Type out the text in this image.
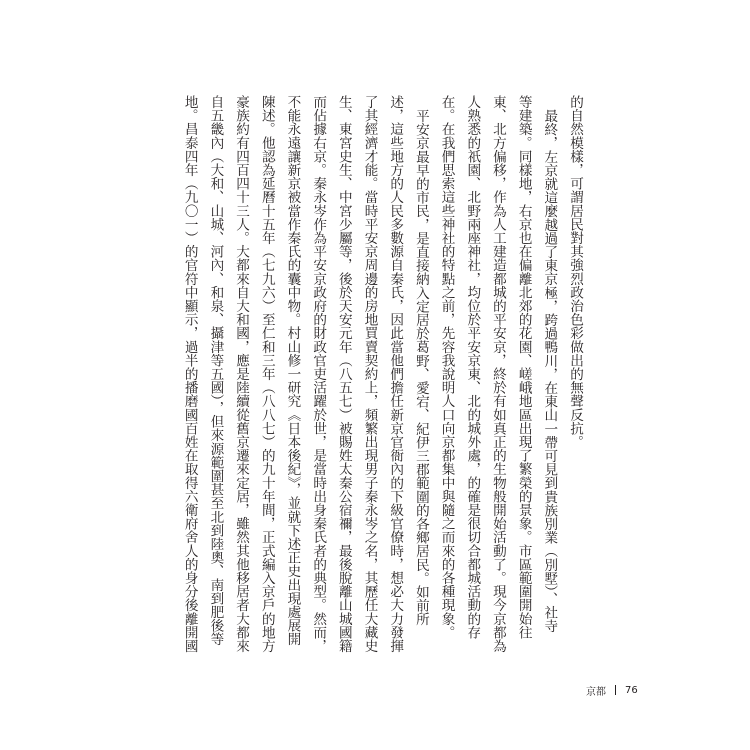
的自然模樣，可謂居民對其強烈政治色彩做出的無聲反抗。
最終，左京就這麼越過了東京極，跨過鴨川，在東山一帶可見到貴族別業（別墅）、社寺
等建築。同樣地，右京也在偏離北郊的花園、嵯峨地區出現了繁榮的景象。市區範圍開始往
東、北方偏移，作為人工建造都城的平安京，終於有如真正的生物般開始活動了。現今京都為
人熟悉的祇園、北野兩座神社，均位於平安京東、北的城外處，的確是很切合都城活動的存
在。在我們思索這些神社的特點之前，先容我說明人口向京都集中與隨之而來的各種現象。
平安京最早的市民，是直接納入定居於葛野、愛宕、紀伊三郡範圍的各鄉居民。如前所
述，這些地方的人民多數源自秦氏，因此當他們擔任新京官衙內的下級官僚時，想必大力發揮
了其經濟才能。當時平安京周邊的房地買賣契約上，頻繁出現男子秦永岑之名，其歷任大藏史
生、東宮史生、中宮少屬等，後於天安元年（八五七）被賜姓太秦公宿禰，最後脫離山城國籍
而佔據右京。秦永岑作為平安京政府的財政官吏活躍於世，是當時出身秦氏者的典型。然而，
不能永遠讓新京被當作秦氏的囊中物。村山修一研究《日本後紀》，並就下述正史出現處展開
陳述。他認為延曆十五年（七九六）至仁和三年（八八七）的九十年間，正式編入京戶的地方
豪族約有四百四十三人。大都來自大和國，應是陸續從舊京遷來定居，雖然其他移居者大都來
自五畿內（大和、山城、河內、和泉、攝津等五國），但來源範圍甚至北到陸奧、南到肥後等
地。昌泰四年（九〇一）的官符中顯示，過半的播磨國百姓在取得六衛府舍人的身分後離開國
京都 76
